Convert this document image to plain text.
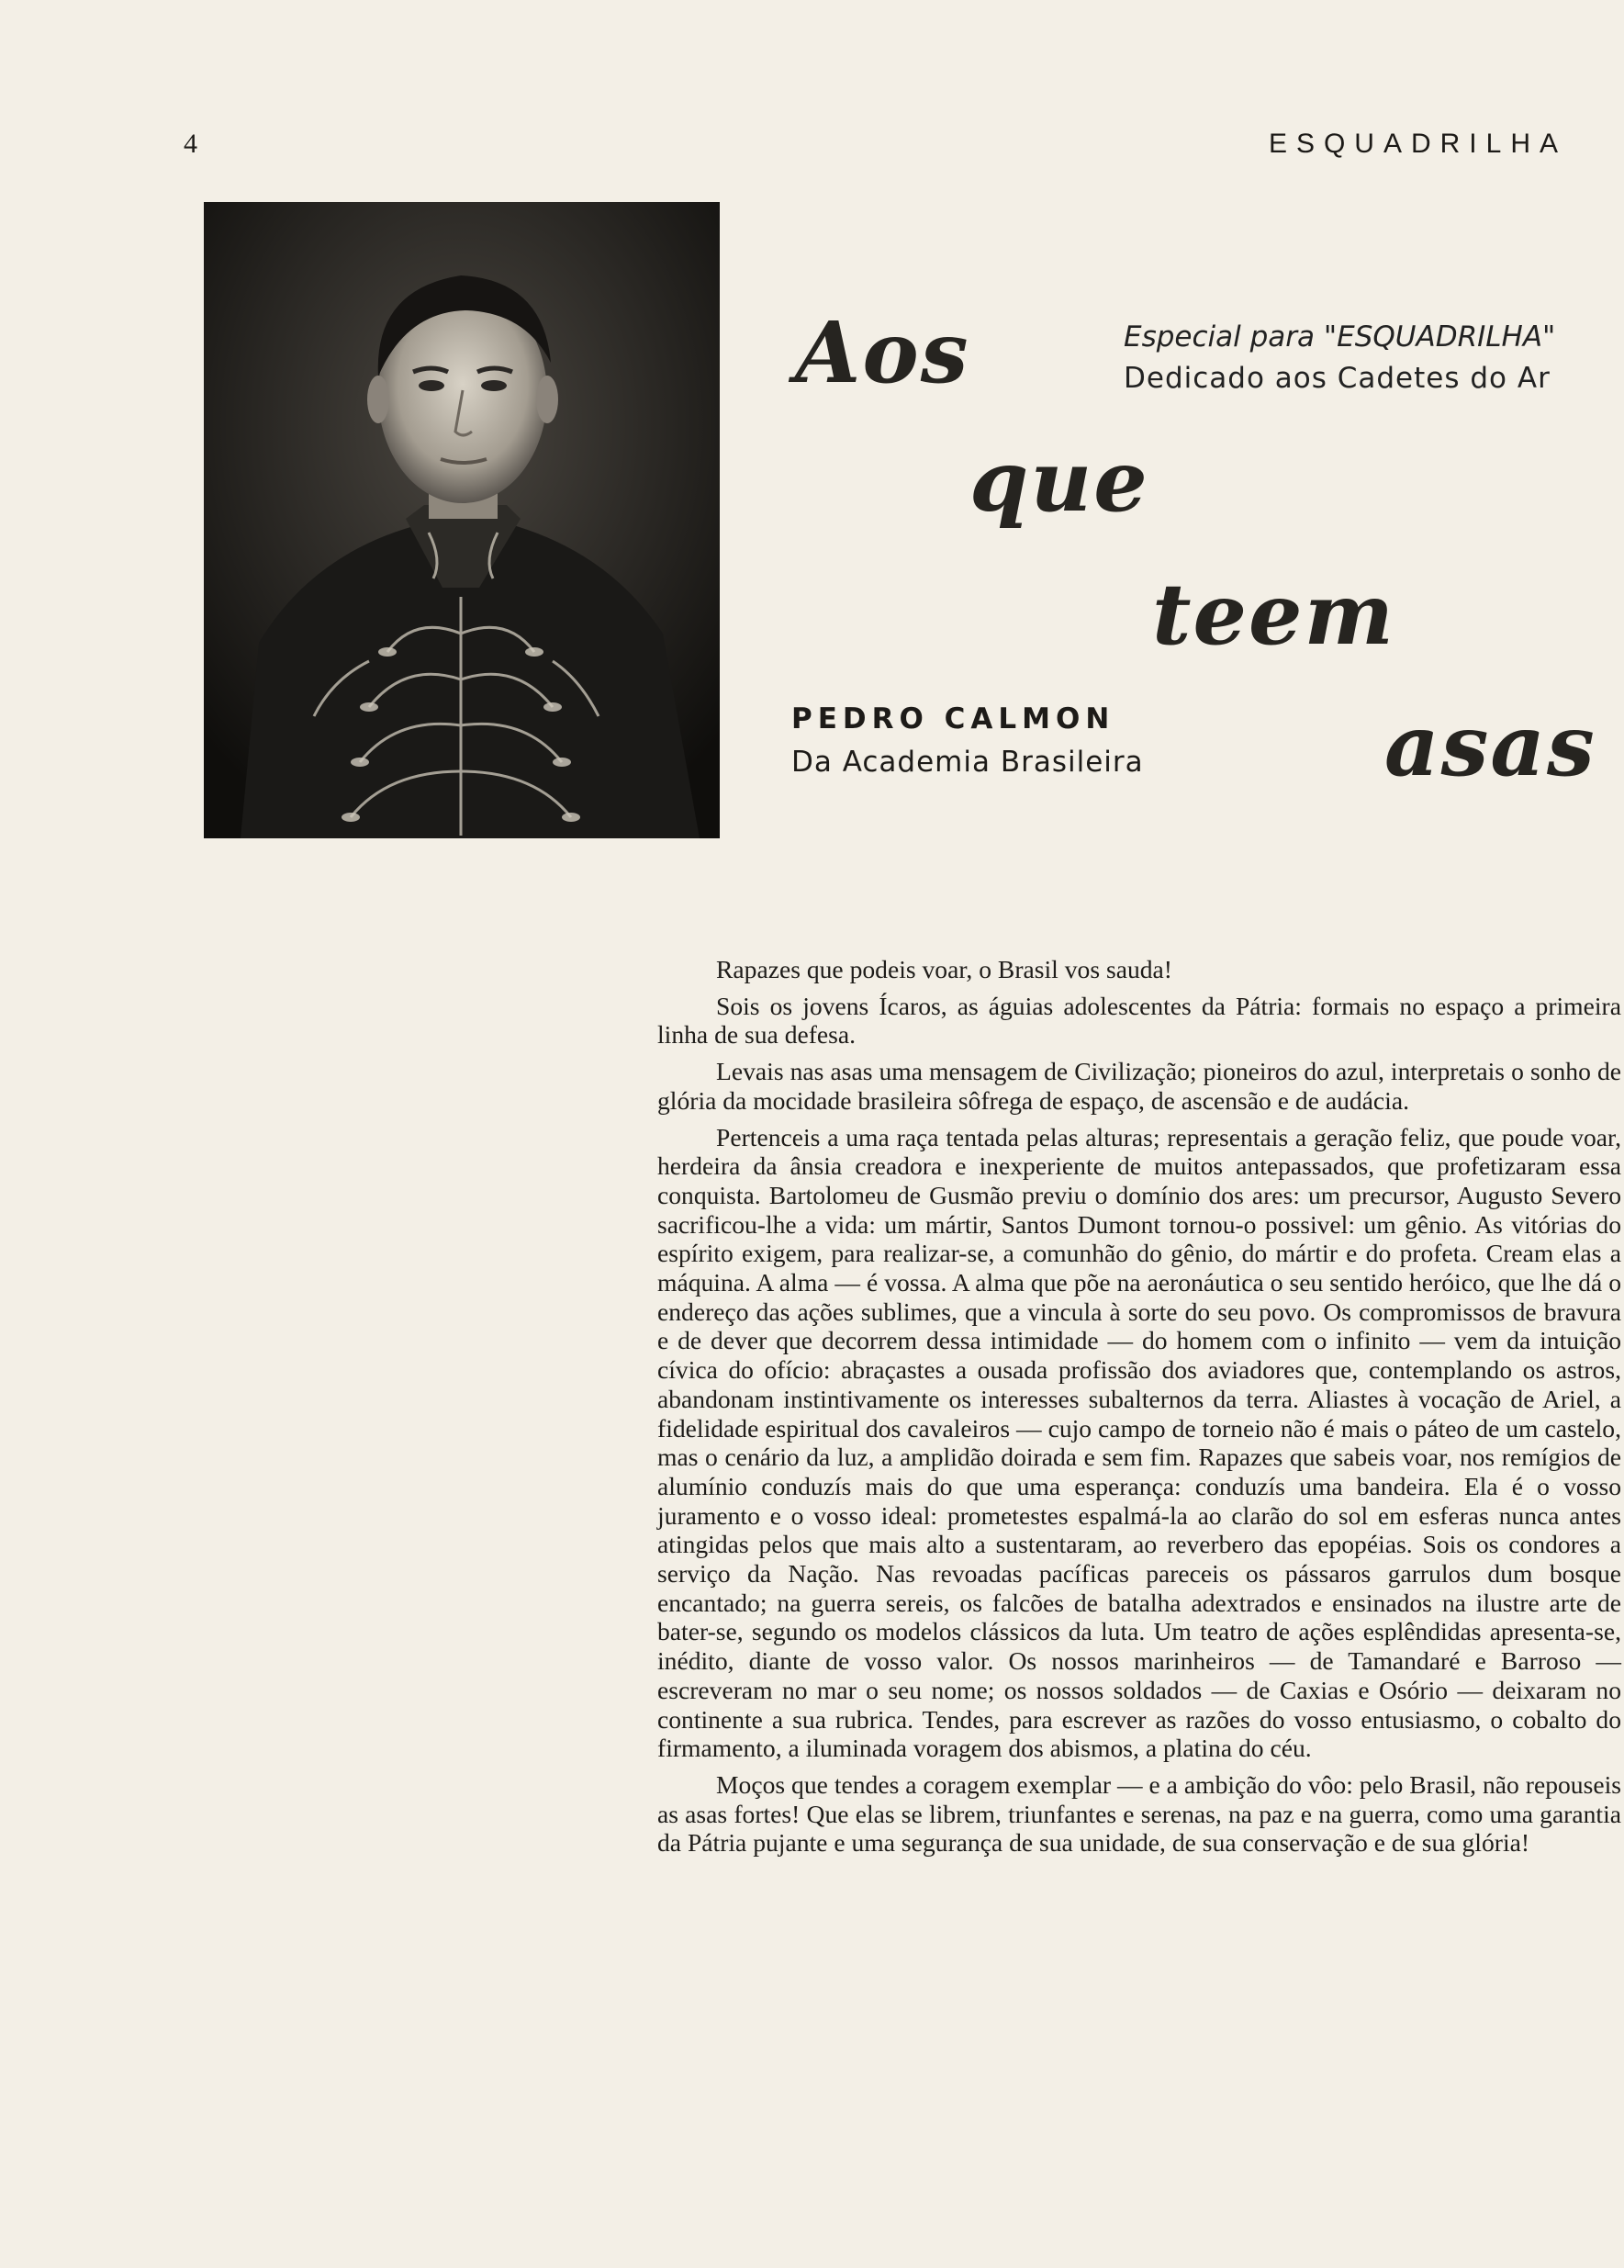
4	ESQUADRILHA
Aos
que
teem
asas
Especial para "ESQUADRILHA"
Dedicado aos Cadetes do Ar
PEDRO CALMON
Da Academia Brasileira

Rapazes que podeis voar, o Brasil vos sauda!

Sois os jovens Ícaros, as águias adolescentes da Pátria: formais no espaço a primeira linha de sua defesa.

Levais nas asas uma mensagem de Civilização; pioneiros do azul, interpretais o sonho de glória da mocidade brasileira sôfrega de espaço, de ascensão e de audácia.

Pertenceis a uma raça tentada pelas alturas; representais a geração feliz, que poude voar, herdeira da ânsia creadora e inexperiente de muitos antepassados, que profetizaram essa conquista. Bartolomeu de Gusmão previu o domínio dos ares: um precursor, Augusto Severo sacrificou-lhe a vida: um mártir, Santos Dumont tornou-o possivel: um gênio. As vitórias do espírito exigem, para realizar-se, a comunhão do gênio, do mártir e do profeta. Cream elas a máquina. A alma — é vossa. A alma que põe na aeronáutica o seu sentido heróico, que lhe dá o endereço das ações sublimes, que a vincula à sorte do seu povo. Os compromissos de bravura e de dever que decorrem dessa intimidade — do homem com o infinito — vem da intuição cívica do ofício: abraçastes a ousada profissão dos aviadores que, contemplando os astros, abandonam instintivamente os interesses subalternos da terra. Aliastes à vocação de Ariel, a fidelidade espiritual dos cavaleiros — cujo campo de torneio não é mais o páteo de um castelo, mas o cenário da luz, a amplidão doirada e sem fim. Rapazes que sabeis voar, nos remígios de alumínio conduzís mais do que uma esperança: conduzís uma bandeira. Ela é o vosso juramento e o vosso ideal: prometestes espalmá-la ao clarão do sol em esferas nunca antes atingidas pelos que mais alto a sustentaram, ao reverbero das epopéias. Sois os condores a serviço da Nação. Nas revoadas pacíficas pareceis os pássaros garrulos dum bosque encantado; na guerra sereis, os falcões de batalha adextrados e ensinados na ilustre arte de bater-se, segundo os modelos clássicos da luta. Um teatro de ações esplêndidas apresenta-se, inédito, diante de vosso valor. Os nossos marinheiros — de Tamandaré e Barroso — escreveram no mar o seu nome; os nossos soldados — de Caxias e Osório — deixaram no continente a sua rubrica. Tendes, para escrever as razões do vosso entusiasmo, o cobalto do firmamento, a iluminada voragem dos abismos, a platina do céu.

Moços que tendes a coragem exemplar — e a ambição do vôo: pelo Brasil, não repouseis as asas fortes! Que elas se librem, triunfantes e serenas, na paz e na guerra, como uma garantia da Pátria pujante e uma segurança de sua unidade, de sua conservação e de sua glória!
